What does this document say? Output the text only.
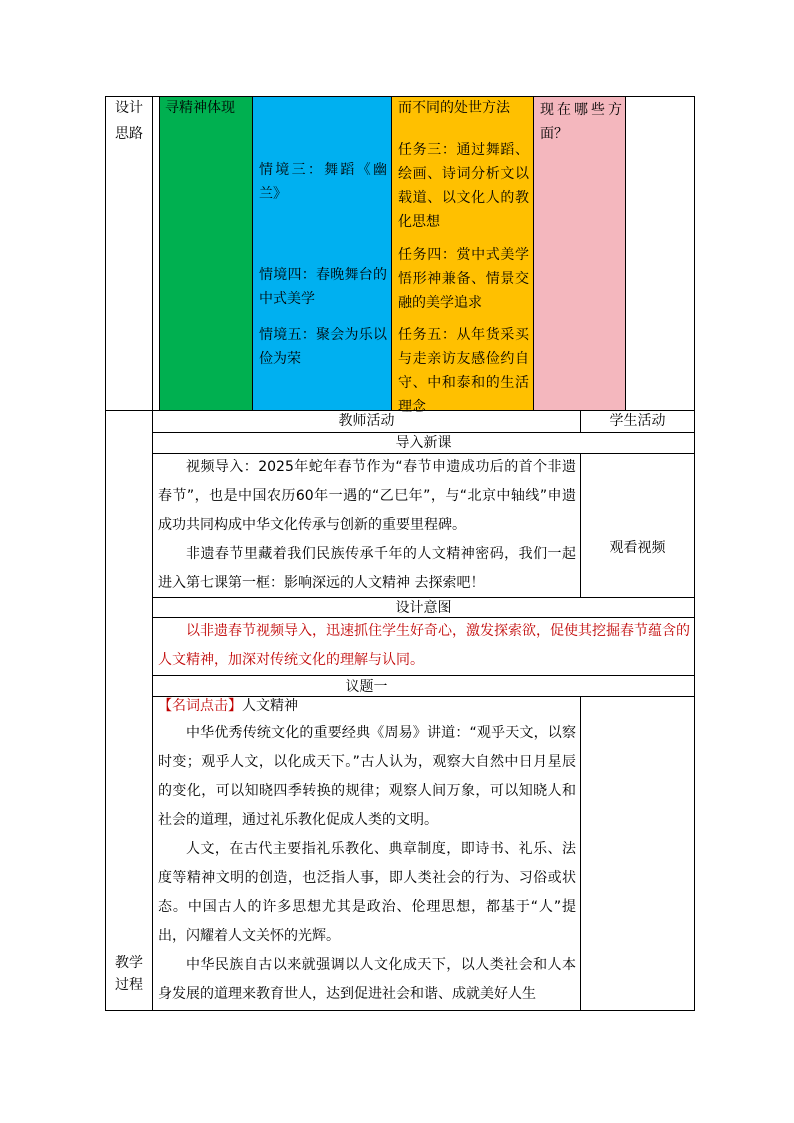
设计
思路
寻精神体现
情境三：舞蹈《幽兰》
情境四：春晚舞台的中式美学
情境五：聚会为乐以俭为荣
而不同的处世方法
任务三：通过舞蹈、绘画、诗词分析文以载道、以文化人的教化思想
任务四：赏中式美学悟形神兼备、情景交融的美学追求
任务五：从年货采买与走亲访友感俭约自守、中和泰和的生活理念
现在哪些方面？
教师活动	学生活动
导入新课
视频导入：2025年蛇年春节作为“春节申遗成功后的首个非遗春节”，也是中国农历60年一遇的“乙巳年”，与“北京中轴线”申遗成功共同构成中华文化传承与创新的重要里程碑。
非遗春节里藏着我们民族传承千年的人文精神密码，我们一起进入第七课第一框：影响深远的人文精神 去探索吧！
观看视频
设计意图
以非遗春节视频导入，迅速抓住学生好奇心，激发探索欲，促使其挖掘春节蕴含的人文精神，加深对传统文化的理解与认同。
议题一
【名词点击】人文精神
中华优秀传统文化的重要经典《周易》讲道：“观乎天文，以察时变；观乎人文，以化成天下。”古人认为，观察大自然中日月星辰的变化，可以知晓四季转换的规律；观察人间万象，可以知晓人和社会的道理，通过礼乐教化促成人类的文明。
人文，在古代主要指礼乐教化、典章制度，即诗书、礼乐、法度等精神文明的创造，也泛指人事，即人类社会的行为、习俗或状态。中国古人的许多思想尤其是政治、伦理思想，都基于“人”提出，闪耀着人文关怀的光辉。
中华民族自古以来就强调以人文化成天下，以人类社会和人本身发展的道理来教育世人，达到促进社会和谐、成就美好人生
教学
过程
